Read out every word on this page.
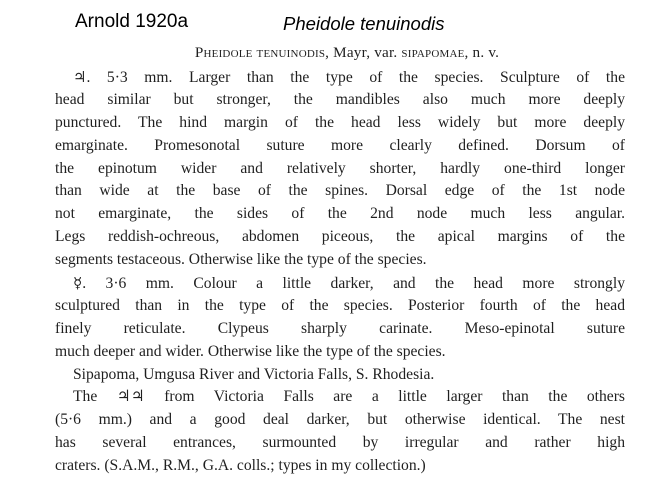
Arnold 1920a	Pheidole tenuinodis
Pheidole tenuinodis, Mayr, var. sipapomae, n. v.
♃. 5·3 mm. Larger than the type of the species. Sculpture of the
head similar but stronger, the mandibles also much more deeply
punctured. The hind margin of the head less widely but more deeply
emarginate. Promesonotal suture more clearly defined. Dorsum of
the epinotum wider and relatively shorter, hardly one-third longer
than wide at the base of the spines. Dorsal edge of the 1st node
not emarginate, the sides of the 2nd node much less angular.
Legs reddish-ochreous, abdomen piceous, the apical margins of the
segments testaceous. Otherwise like the type of the species.
☿. 3·6 mm. Colour a little darker, and the head more strongly
sculptured than in the type of the species. Posterior fourth of the head
finely reticulate. Clypeus sharply carinate. Meso-epinotal suture
much deeper and wider. Otherwise like the type of the species.
Sipapoma, Umgusa River and Victoria Falls, S. Rhodesia.
The ♃♃ from Victoria Falls are a little larger than the others
(5·6 mm.) and a good deal darker, but otherwise identical. The nest
has several entrances, surmounted by irregular and rather high
craters. (S.A.M., R.M., G.A. colls.; types in my collection.)
